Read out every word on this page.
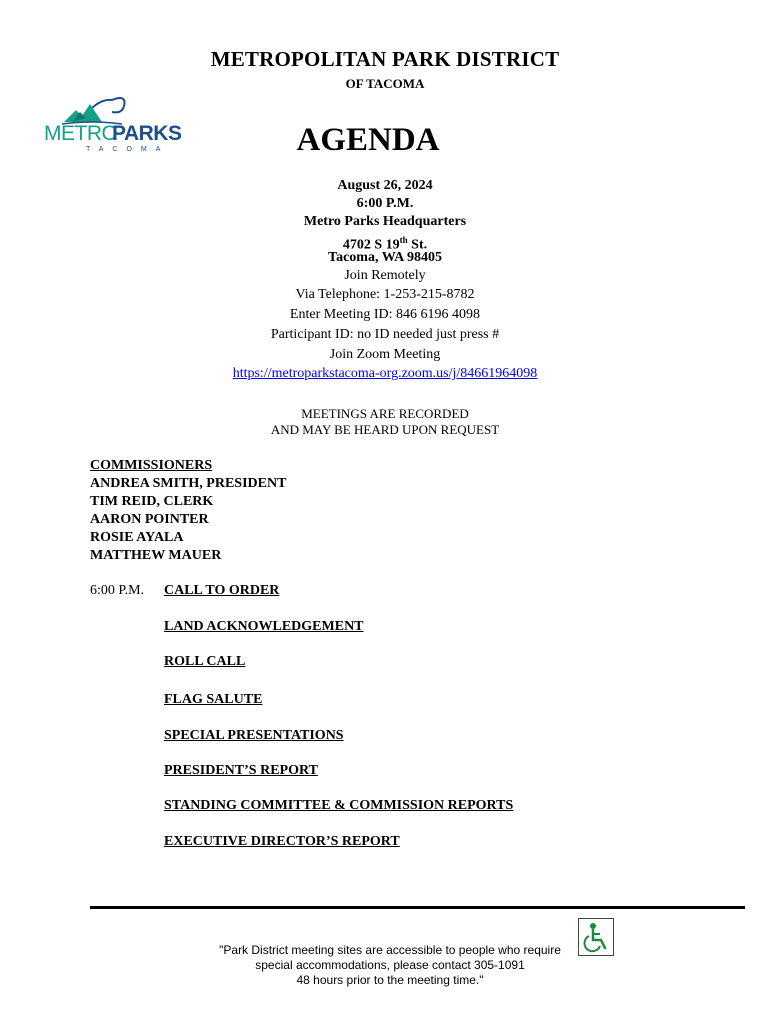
METROPOLITAN PARK DISTRICT
OF TACOMA
METRO
PARKS
TACOMA	AGENDA
August 26, 2024
6:00 P.M.
Metro Parks Headquarters
4702 S 19th St.
Tacoma, WA 98405
Join Remotely
Via Telephone: 1-253-215-8782
Enter Meeting ID: 846 6196 4098
Participant ID: no ID needed just press #
Join Zoom Meeting
https://metroparkstacoma-org.zoom.us/j/84661964098
MEETINGS ARE RECORDED
AND MAY BE HEARD UPON REQUEST
COMMISSIONERS
ANDREA SMITH, PRESIDENT
TIM REID, CLERK
AARON POINTER
ROSIE AYALA
MATTHEW MAUER
6:00 P.M. CALL TO ORDER
LAND ACKNOWLEDGEMENT
ROLL CALL
FLAG SALUTE
SPECIAL PRESENTATIONS
PRESIDENT’S REPORT
STANDING COMMITTEE & COMMISSION REPORTS
EXECUTIVE DIRECTOR’S REPORT
"Park District meeting sites are accessible to people who require
special accommodations, please contact 305-1091
48 hours prior to the meeting time."
